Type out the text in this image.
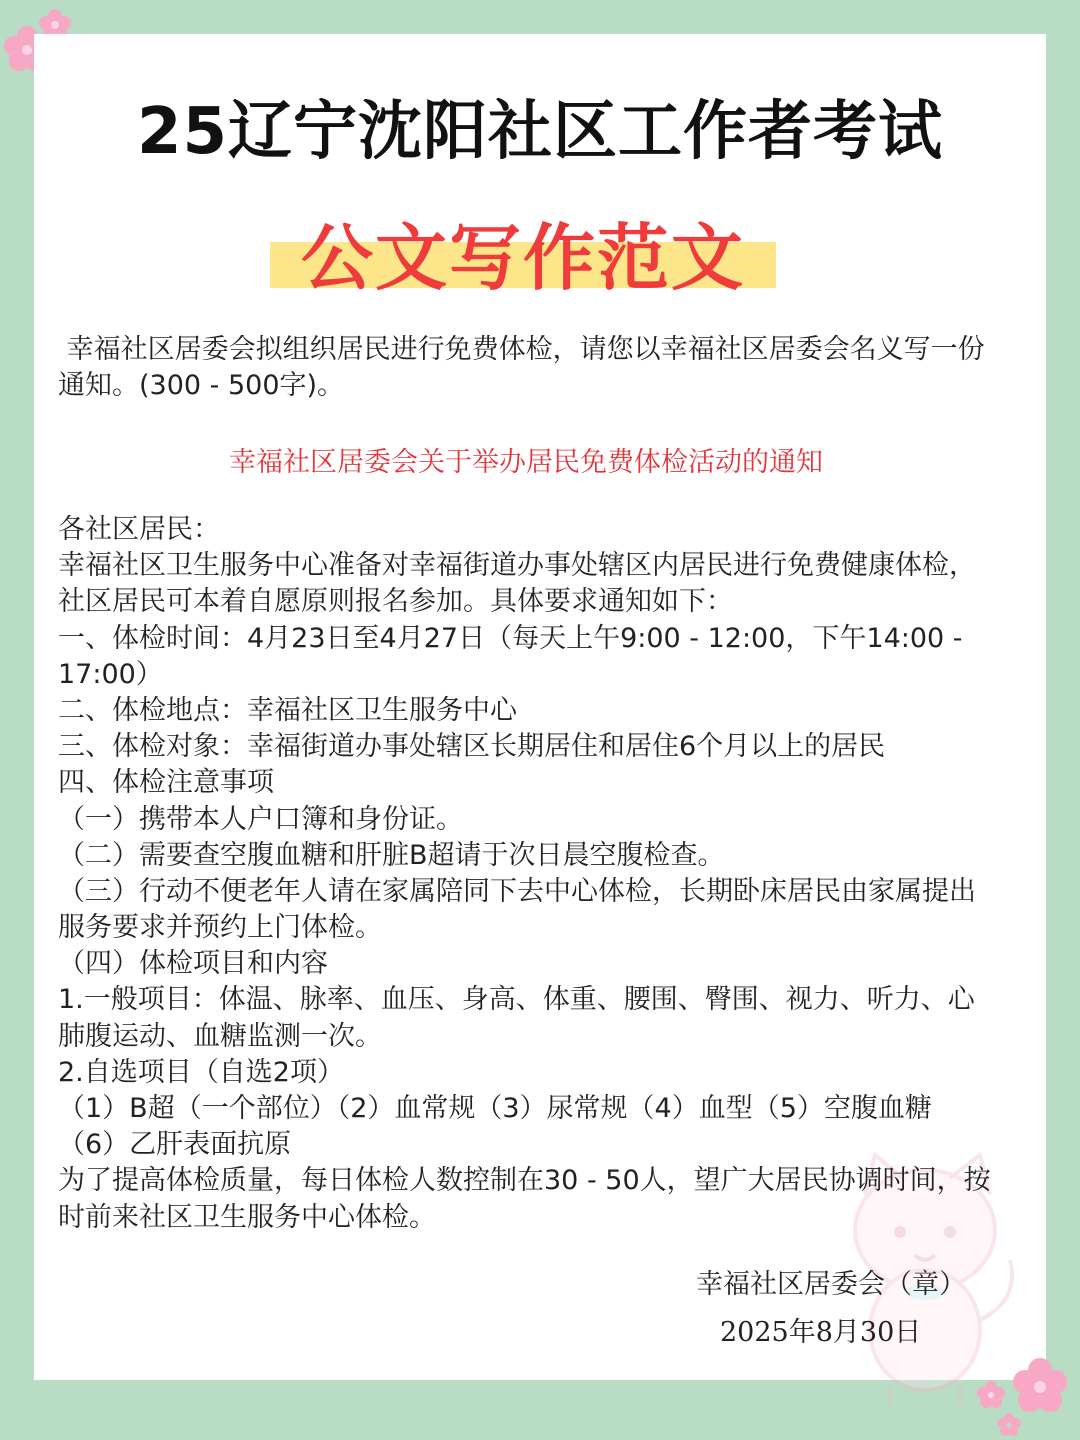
25辽宁沈阳社区工作者考试
公文写作范文
幸福社区居委会拟组织居民进行免费体检，请您以幸福社区居委会名义写一份
通知。(300 - 500字)。
幸福社区居委会关于举办居民免费体检活动的通知
各社区居民：
幸福社区卫生服务中心准备对幸福街道办事处辖区内居民进行免费健康体检，
社区居民可本着自愿原则报名参加。具体要求通知如下：
一、体检时间：4月23日至4月27日（每天上午9:00 - 12:00，下午14:00 -
17:00）
二、体检地点：幸福社区卫生服务中心
三、体检对象：幸福街道办事处辖区长期居住和居住6个月以上的居民
四、体检注意事项
（一）携带本人户口簿和身份证。
（二）需要查空腹血糖和肝脏B超请于次日晨空腹检查。
（三）行动不便老年人请在家属陪同下去中心体检，长期卧床居民由家属提出
服务要求并预约上门体检。
（四）体检项目和内容
1.一般项目：体温、脉率、血压、身高、体重、腰围、臀围、视力、听力、心
肺腹运动、血糖监测一次。
2.自选项目（自选2项）
（1）B超（一个部位）（2）血常规（3）尿常规（4）血型（5）空腹血糖
（6）乙肝表面抗原
为了提高体检质量，每日体检人数控制在30 - 50人，望广大居民协调时间，按
时前来社区卫生服务中心体检。
幸福社区居委会（章）
2025年8月30日
